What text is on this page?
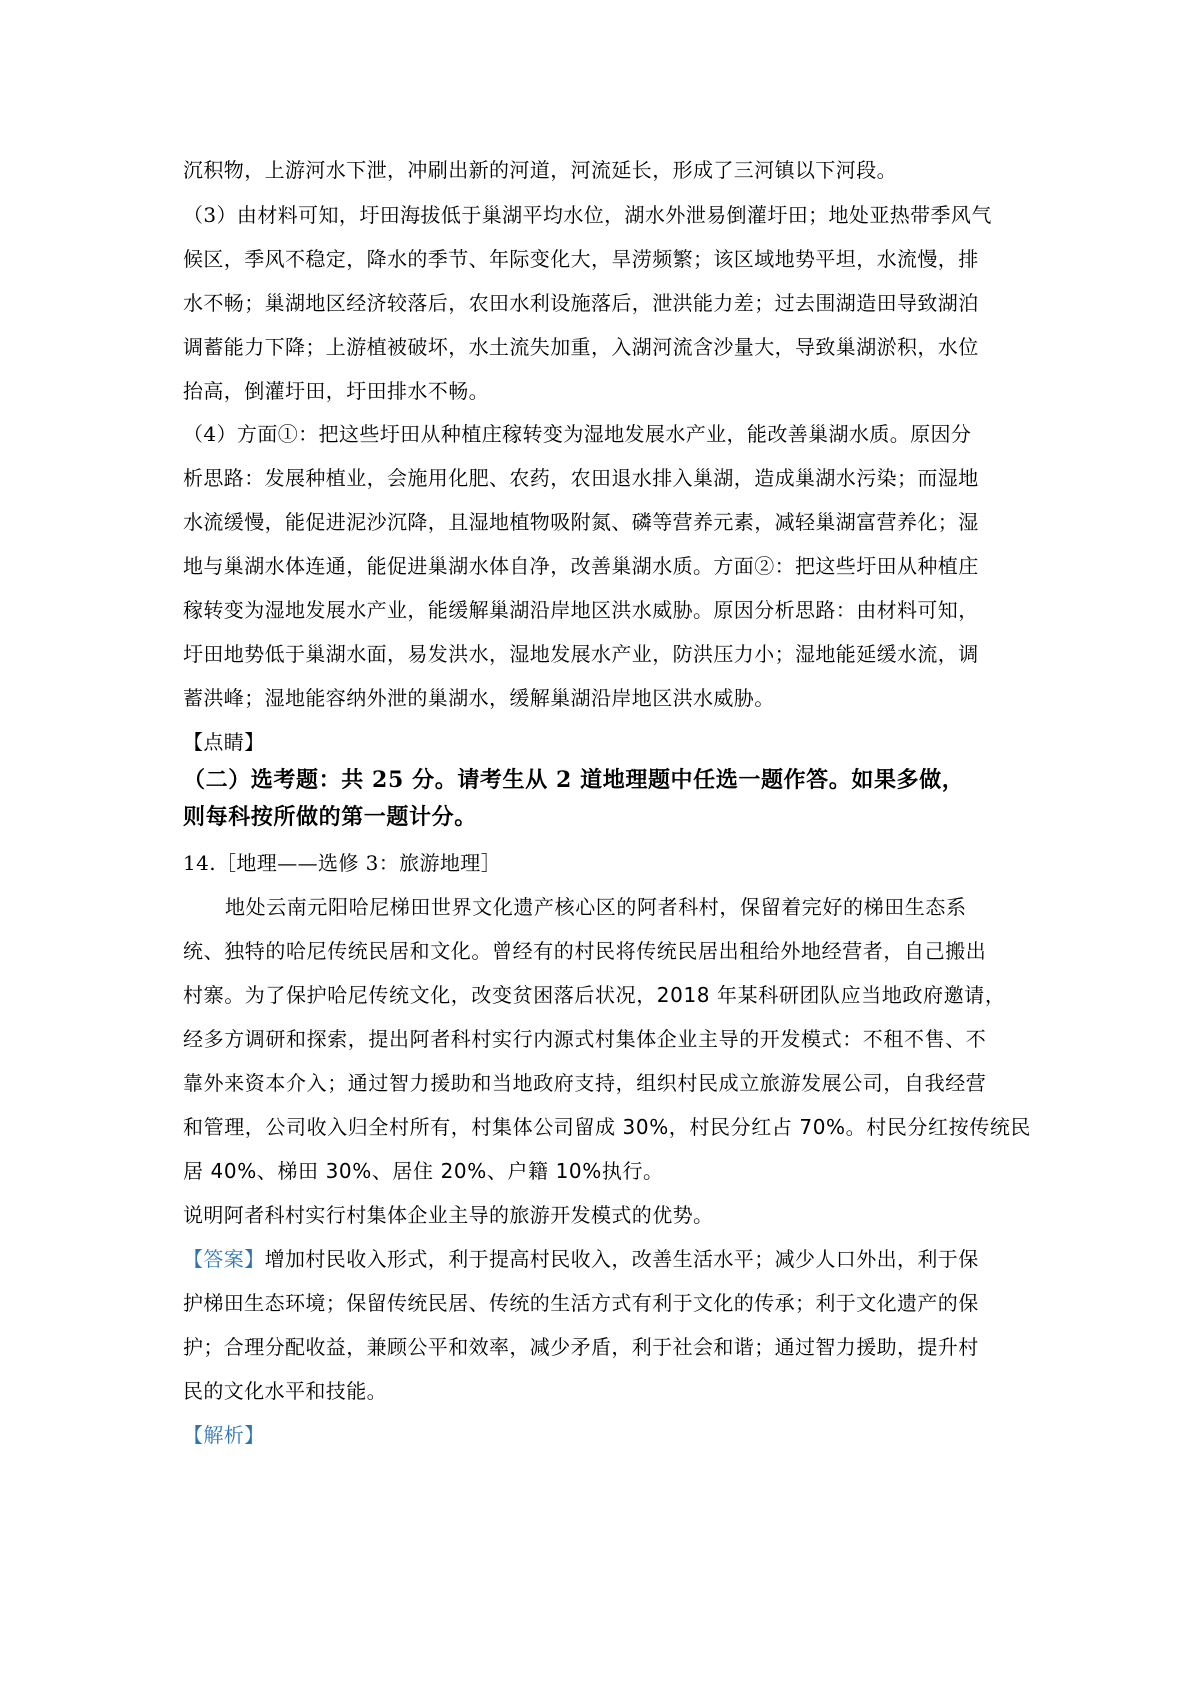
沉积物，上游河水下泄，冲刷出新的河道，河流延长，形成了三河镇以下河段。
（3）由材料可知，圩田海拔低于巢湖平均水位，湖水外泄易倒灌圩田；地处亚热带季风气
候区，季风不稳定，降水的季节、年际变化大，旱涝频繁；该区域地势平坦，水流慢，排
水不畅；巢湖地区经济较落后，农田水利设施落后，泄洪能力差；过去围湖造田导致湖泊
调蓄能力下降；上游植被破坏，水土流失加重，入湖河流含沙量大，导致巢湖淤积，水位
抬高，倒灌圩田，圩田排水不畅。
（4）方面①：把这些圩田从种植庄稼转变为湿地发展水产业，能改善巢湖水质。原因分
析思路：发展种植业，会施用化肥、农药，农田退水排入巢湖，造成巢湖水污染；而湿地
水流缓慢，能促进泥沙沉降，且湿地植物吸附氮、磷等营养元素，减轻巢湖富营养化；湿
地与巢湖水体连通，能促进巢湖水体自净，改善巢湖水质。方面②：把这些圩田从种植庄
稼转变为湿地发展水产业，能缓解巢湖沿岸地区洪水威胁。原因分析思路：由材料可知，
圩田地势低于巢湖水面，易发洪水，湿地发展水产业，防洪压力小；湿地能延缓水流，调
蓄洪峰；湿地能容纳外泄的巢湖水，缓解巢湖沿岸地区洪水威胁。
【点睛】
（二）选考题：共 25 分。请考生从 2 道地理题中任选一题作答。如果多做，
则每科按所做的第一题计分。
14.［地理——选修 3：旅游地理］
地处云南元阳哈尼梯田世界文化遗产核心区的阿者科村，保留着完好的梯田生态系
统、独特的哈尼传统民居和文化。曾经有的村民将传统民居出租给外地经营者，自己搬出
村寨。为了保护哈尼传统文化，改变贫困落后状况，2018 年某科研团队应当地政府邀请，
经多方调研和探索，提出阿者科村实行内源式村集体企业主导的开发模式：不租不售、不
靠外来资本介入；通过智力援助和当地政府支持，组织村民成立旅游发展公司，自我经营
和管理，公司收入归全村所有，村集体公司留成 30%，村民分红占 70%。村民分红按传统民
居 40%、梯田 30%、居住 20%、户籍 10%执行。
说明阿者科村实行村集体企业主导的旅游开发模式的优势。
【答案】增加村民收入形式，利于提高村民收入，改善生活水平；减少人口外出，利于保
护梯田生态环境；保留传统民居、传统的生活方式有利于文化的传承；利于文化遗产的保
护；合理分配收益，兼顾公平和效率，减少矛盾，利于社会和谐；通过智力援助，提升村
民的文化水平和技能。
【解析】
